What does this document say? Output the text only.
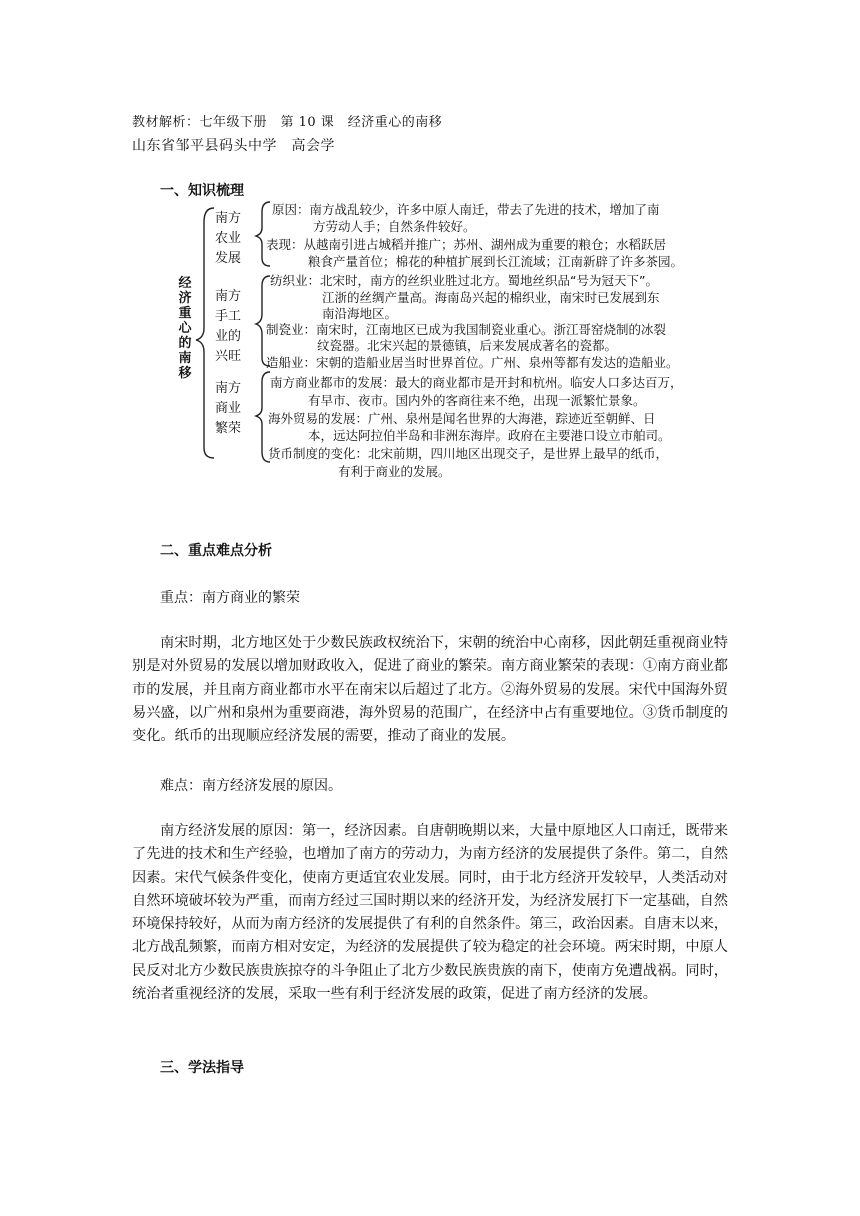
教材解析：七年级下册　第 10 课　经济重心的南移
山东省邹平县码头中学　高会学
一、知识梳理
经济重心的南移
南方农业发展
南方手工业的兴旺
南方商业繁荣
原因：南方战乱较少，许多中原人南迁，带去了先进的技术，增加了南
方劳动人手；自然条件较好。
表现：从越南引进占城稻并推广；苏州、湖州成为重要的粮仓；水稻跃居
粮食产量首位；棉花的种植扩展到长江流域；江南新辟了许多茶园。
纺织业：北宋时，南方的丝织业胜过北方。蜀地丝织品“号为冠天下”。
江浙的丝绸产量高。海南岛兴起的棉织业，南宋时已发展到东
南沿海地区。
制瓷业：南宋时，江南地区已成为我国制瓷业重心。浙江哥窑烧制的冰裂
纹瓷器。北宋兴起的景德镇，后来发展成著名的瓷都。
造船业：宋朝的造船业居当时世界首位。广州、泉州等都有发达的造船业。
南方商业都市的发展：最大的商业都市是开封和杭州。临安人口多达百万，
有早市、夜市。国内外的客商往来不绝，出现一派繁忙景象。
海外贸易的发展：广州、泉州是闻名世界的大海港，踪迹近至朝鲜、日
本，远达阿拉伯半岛和非洲东海岸。政府在主要港口设立市舶司。
货币制度的变化：北宋前期，四川地区出现交子，是世界上最早的纸币，
有利于商业的发展。
二、重点难点分析
重点：南方商业的繁荣
南宋时期，北方地区处于少数民族政权统治下，宋朝的统治中心南移，因此朝廷重视商业特别是对外贸易的发展以增加财政收入，促进了商业的繁荣。南方商业繁荣的表现：①南方商业都市的发展，并且南方商业都市水平在南宋以后超过了北方。②海外贸易的发展。宋代中国海外贸易兴盛，以广州和泉州为重要商港，海外贸易的范围广，在经济中占有重要地位。③货币制度的变化。纸币的出现顺应经济发展的需要，推动了商业的发展。
难点：南方经济发展的原因。
南方经济发展的原因：第一，经济因素。自唐朝晚期以来，大量中原地区人口南迁，既带来了先进的技术和生产经验，也增加了南方的劳动力，为南方经济的发展提供了条件。第二，自然因素。宋代气候条件变化，使南方更适宜农业发展。同时，由于北方经济开发较早，人类活动对自然环境破坏较为严重，而南方经过三国时期以来的经济开发，为经济发展打下一定基础，自然环境保持较好，从而为南方经济的发展提供了有利的自然条件。第三，政治因素。自唐末以来，北方战乱频繁，而南方相对安定，为经济的发展提供了较为稳定的社会环境。两宋时期，中原人民反对北方少数民族贵族掠夺的斗争阻止了北方少数民族贵族的南下，使南方免遭战祸。同时，统治者重视经济的发展，采取一些有利于经济发展的政策，促进了南方经济的发展。
三、学法指导
